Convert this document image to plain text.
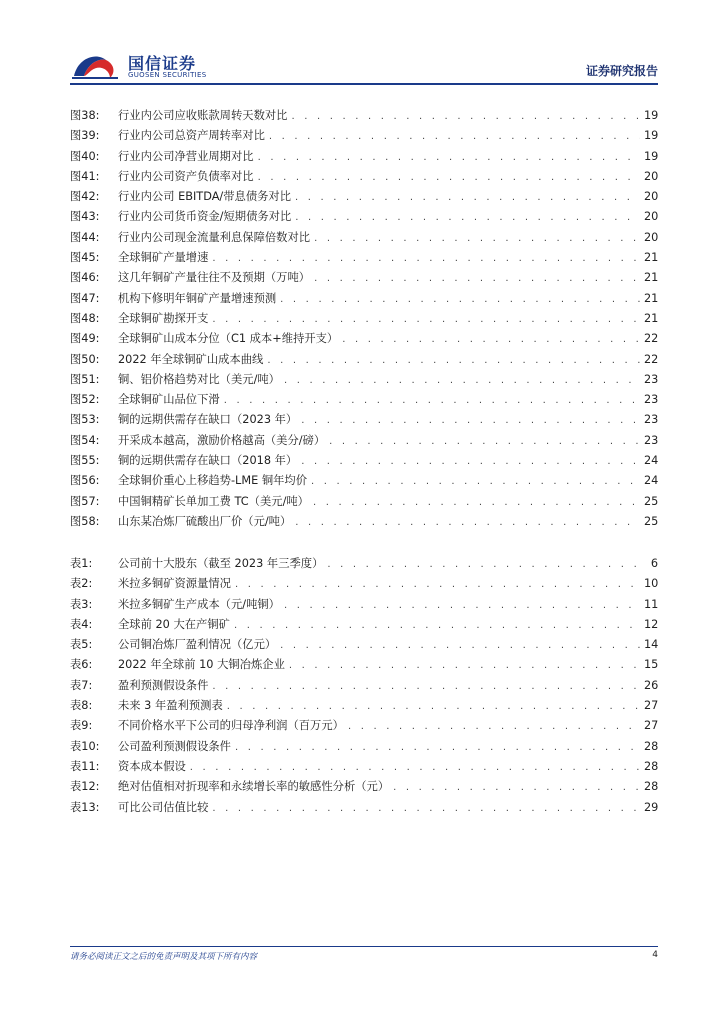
国信证券
GUOSEN SECURITIES	证券研究报告
图38:	行业内公司应收账款周转天数对比 . . .	19
图39:	行业内公司总资产周转率对比 . . .	19
图40:	行业内公司净营业周期对比 . . .	19
图41:	行业内公司资产负债率对比 . . .	20
图42:	行业内公司 EBITDA/带息债务对比 . . .	20
图43:	行业内公司货币资金/短期债务对比 . . .	20
图44:	行业内公司现金流量利息保障倍数对比 . . .	20
图45:	全球铜矿产量增速 . . .	21
图46:	这几年铜矿产量往往不及预期（万吨） . . .	21
图47:	机构下修明年铜矿产量增速预测 . . .	21
图48:	全球铜矿勘探开支 . . .	21
图49:	全球铜矿山成本分位（C1 成本+维持开支） . . .	22
图50:	2022 年全球铜矿山成本曲线 . . .	22
图51:	铜、铝价格趋势对比（美元/吨） . . .	23
图52:	全球铜矿山品位下滑 . . .	23
图53:	铜的远期供需存在缺口（2023 年） . . .	23
图54:	开采成本越高，激励价格越高（美分/磅） . . .	23
图55:	铜的远期供需存在缺口（2018 年） . . .	24
图56:	全球铜价重心上移趋势-LME 铜年均价 . . .	24
图57:	中国铜精矿长单加工费 TC（美元/吨） . . .	25
图58:	山东某冶炼厂硫酸出厂价（元/吨） . . .	25
表1:	公司前十大股东（截至 2023 年三季度） . . .	6
表2:	米拉多铜矿资源量情况 . . .	10
表3:	米拉多铜矿生产成本（元/吨铜） . . .	11
表4:	全球前 20 大在产铜矿 . . .	12
表5:	公司铜冶炼厂盈利情况（亿元） . . .	14
表6:	2022 年全球前 10 大铜冶炼企业 . . .	15
表7:	盈利预测假设条件 . . .	26
表8:	未来 3 年盈利预测表 . . .	27
表9:	不同价格水平下公司的归母净利润（百万元） . . .	27
表10:	公司盈利预测假设条件 . . .	28
表11:	资本成本假设 . . .	28
表12:	绝对估值相对折现率和永续增长率的敏感性分析（元） . . .	28
表13:	可比公司估值比较 . . .	29
请务必阅读正文之后的免责声明及其项下所有内容	4
